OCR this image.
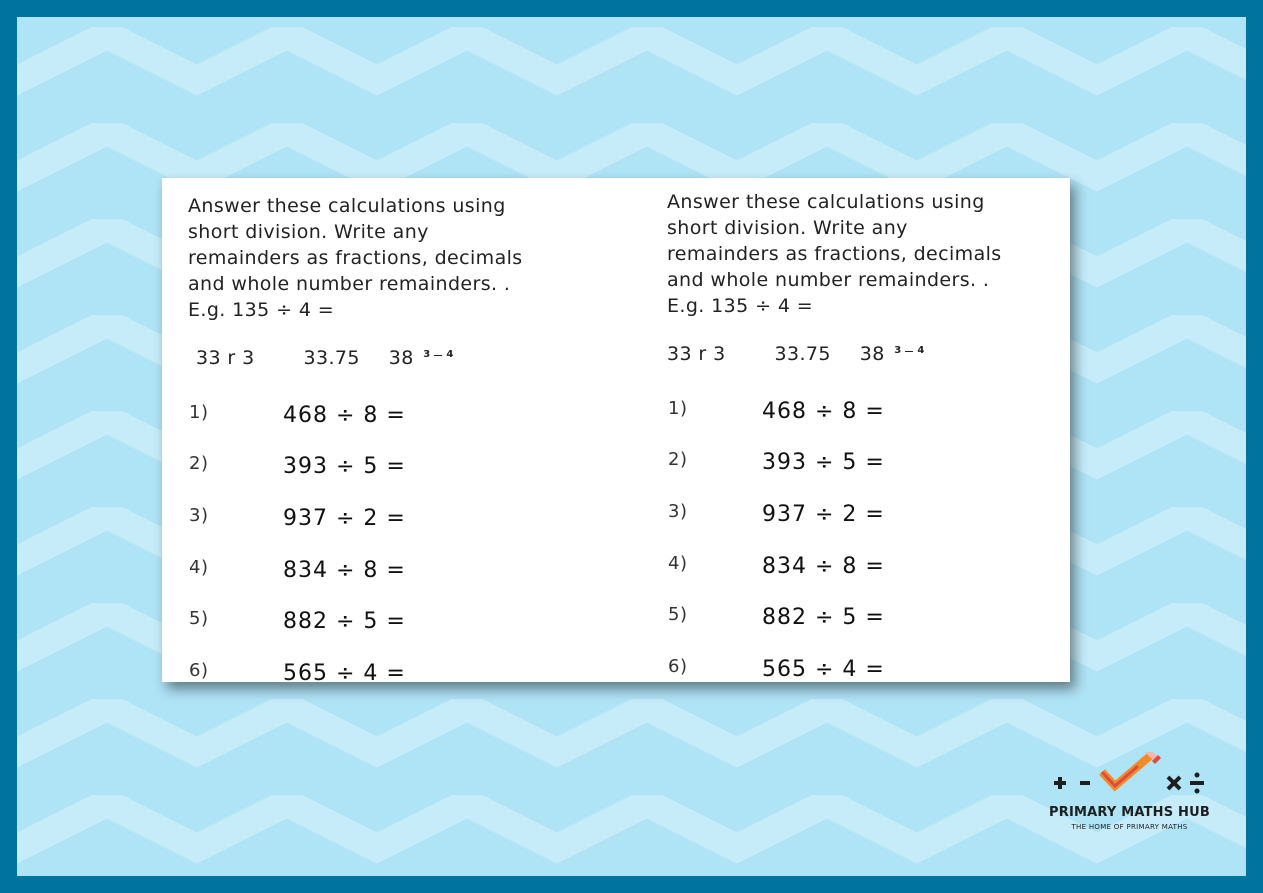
Answer these calculations using
short division. Write any
remainders as fractions, decimals
and whole number remainders. .
E.g. 135 ÷ 4 =
33 r 3	33.75 38 3 4
1)	468 ÷ 8 =
2)	393 ÷ 5 =
3)	937 ÷ 2 =
4)	834 ÷ 8 =
5)	882 ÷ 5 =
6)	565 ÷ 4 =
Answer these calculations using
short division. Write any
remainders as fractions, decimals
and whole number remainders. .
E.g. 135 ÷ 4 =
33 r 3	33.75 38 3 4
1)	468 ÷ 8 =
2)	393 ÷ 5 =
3)	937 ÷ 2 =
4)	834 ÷ 8 =
5)	882 ÷ 5 =
6)	565 ÷ 4 =
PRIMARY MATHS HUB
THE HOME OF PRIMARY MATHS
